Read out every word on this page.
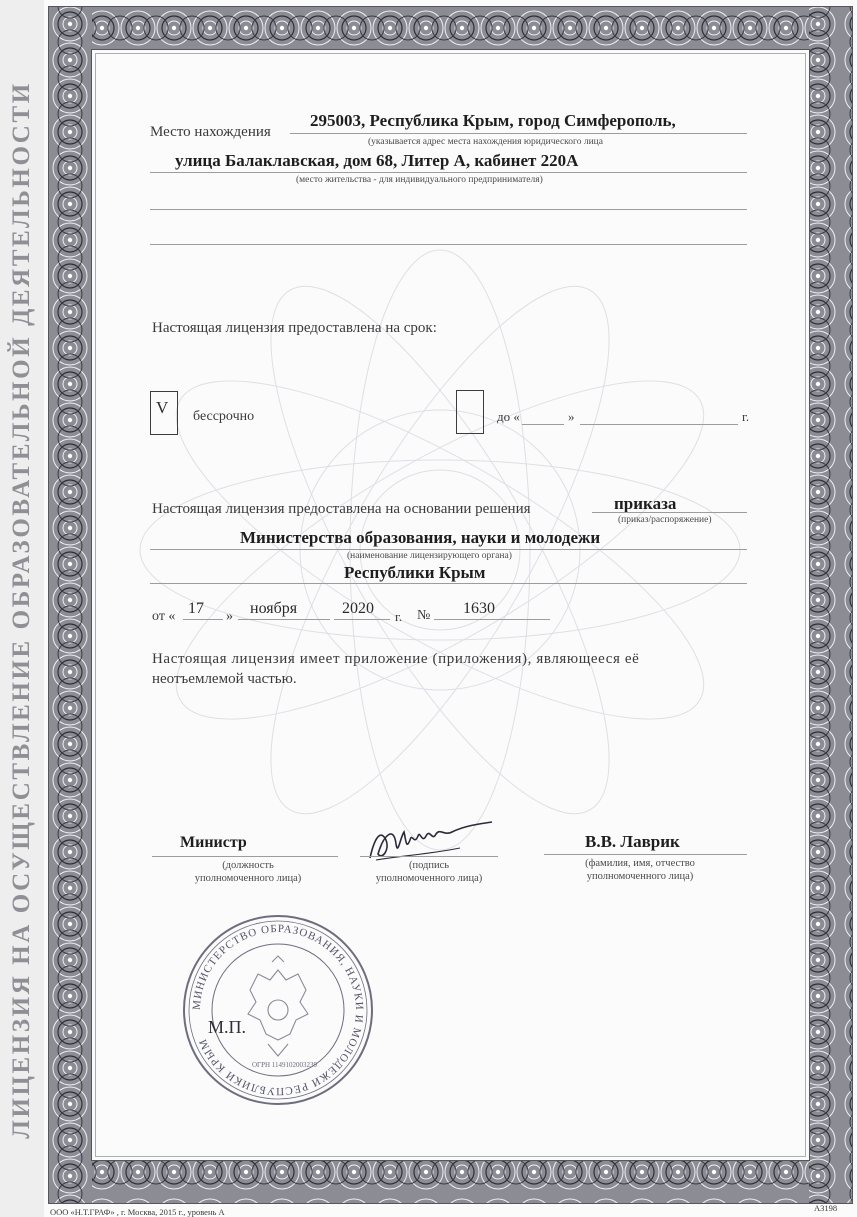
ЛИЦЕНЗИЯ НА ОСУЩЕСТВЛЕНИЕ ОБРАЗОВАТЕЛЬНОЙ ДЕЯТЕЛЬНОСТИ	Место нахождения
295003, Республика Крым, город Симферополь,
(указывается адрес места нахождения юридического лица
улица Балаклавская, дом 68, Литер А, кабинет 220А
(место жительства - для индивидуального предпринимателя)
Настоящая лицензия предоставлена на срок:
V бессрочно	до «	»	г.
Настоящая лицензия предоставлена на основании решения	приказа
(приказ/распоряжение)
Министерства образования, науки и молодежи
(наименование лицензирующего органа)
Республики Крым
от « 17 » ноября	2020 г. № 1630
Настоящая лицензия имеет приложение (приложения), являющееся её
неотъемлемой частью.
Министр
(должность
уполномоченного лица)
(подпись
уполномоченного лица)
В.В. Лаврик
(фамилия, имя, отчество
уполномоченного лица)
МИНИСТЕРСТВО ОБРАЗОВАНИЯ, НАУКИ И МОЛОДЕЖИ РЕСПУБЛИКИ КРЫМ
М.П.
ОГРН 1149102003239
ООО «Н.Т.ГРАФ» , г. Москва, 2015 г., уровень А	А3198
